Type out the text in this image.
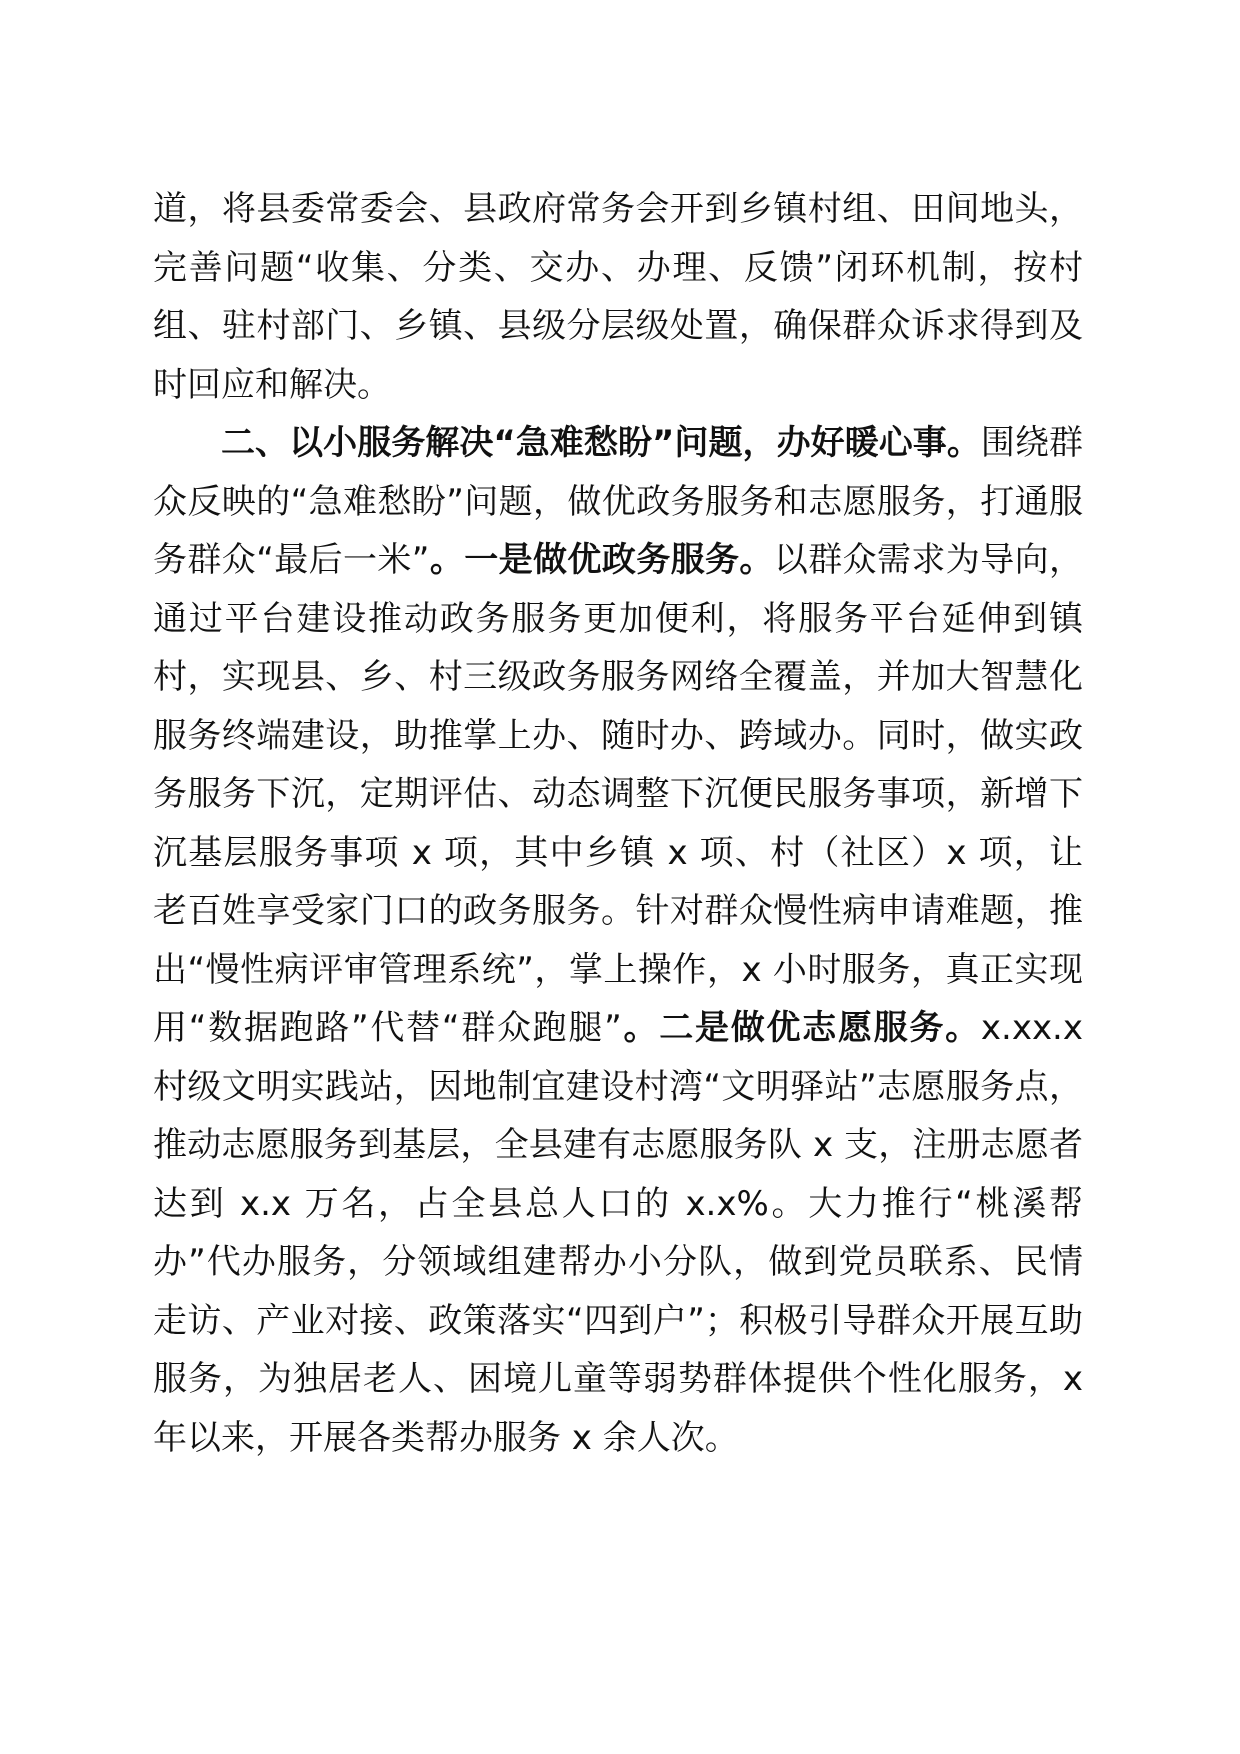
道，将县委常委会、县政府常务会开到乡镇村组、田间地头，完善问题“收集、分类、交办、办理、反馈”闭环机制，按村组、驻村部门、乡镇、县级分层级处置，确保群众诉求得到及时回应和解决。

二、以小服务解决“急难愁盼”问题，办好暖心事。围绕群众反映的“急难愁盼”问题，做优政务服务和志愿服务，打通服务群众“最后一米”。一是做优政务服务。以群众需求为导向，通过平台建设推动政务服务更加便利，将服务平台延伸到镇村，实现县、乡、村三级政务服务网络全覆盖，并加大智慧化服务终端建设，助推掌上办、随时办、跨域办。同时，做实政务服务下沉，定期评估、动态调整下沉便民服务事项，新增下沉基层服务事项 x 项，其中乡镇 x 项、村（社区）x 项，让老百姓享受家门口的政务服务。针对群众慢性病申请难题，推出“慢性病评审管理系统”，掌上操作，x 小时服务，真正实现用“数据跑路”代替“群众跑腿”。二是做优志愿服务。x.xx.x 村级文明实践站，因地制宜建设村湾“文明驿站”志愿服务点，推动志愿服务到基层，全县建有志愿服务队 x 支，注册志愿者达到 x.x 万名，占全县总人口的 x.x%。大力推行“桃溪帮办”代办服务，分领域组建帮办小分队，做到党员联系、民情走访、产业对接、政策落实“四到户”；积极引导群众开展互助服务，为独居老人、困境儿童等弱势群体提供个性化服务，x 年以来，开展各类帮办服务 x 余人次。
